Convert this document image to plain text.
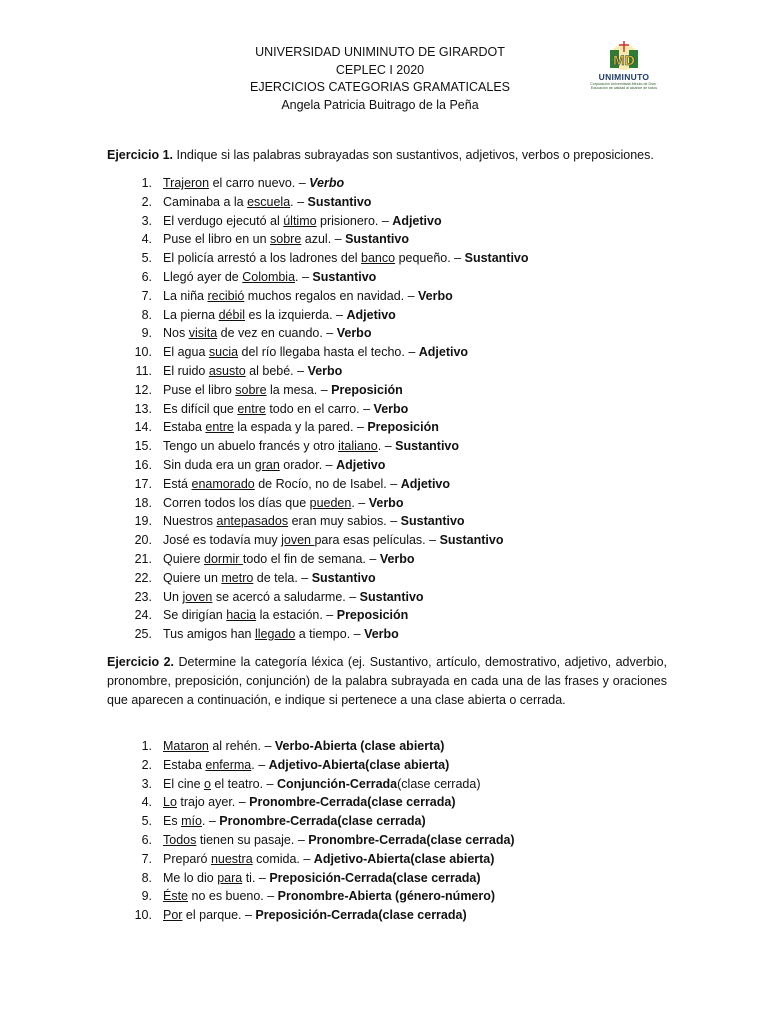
UNIVERSIDAD UNIMINUTO DE GIRARDOT
CEPLEC I 2020
EJERCICIOS CATEGORIAS GRAMATICALES
Angela Patricia Buitrago de la Peña
MD
UNIMINUTO
Corporación Universitaria Minuto de Dios · Educación de calidad al alcance de todos
Ejercicio 1. Indique si las palabras subrayadas son sustantivos, adjetivos, verbos o preposiciones.
1. Trajeron el carro nuevo. – Verbo
2. Caminaba a la escuela. – Sustantivo
3. El verdugo ejecutó al último prisionero. – Adjetivo
4. Puse el libro en un sobre azul. – Sustantivo
5. El policía arrestó a los ladrones del banco pequeño. – Sustantivo
6. Llegó ayer de Colombia. – Sustantivo
7. La niña recibió muchos regalos en navidad. – Verbo
8. La pierna débil es la izquierda. – Adjetivo
9. Nos visita de vez en cuando. – Verbo
10. El agua sucia del río llegaba hasta el techo. – Adjetivo
11. El ruido asusto al bebé. – Verbo
12. Puse el libro sobre la mesa. – Preposición
13. Es difícil que entre todo en el carro. – Verbo
14. Estaba entre la espada y la pared. – Preposición
15. Tengo un abuelo francés y otro italiano. – Sustantivo
16. Sin duda era un gran orador. – Adjetivo
17. Está enamorado de Rocío, no de Isabel. – Adjetivo
18. Corren todos los días que pueden. – Verbo
19. Nuestros antepasados eran muy sabios. – Sustantivo
20. José es todavía muy joven para esas películas. – Sustantivo
21. Quiere dormir todo el fin de semana. – Verbo
22. Quiere un metro de tela. – Sustantivo
23. Un joven se acercó a saludarme. – Sustantivo
24. Se dirigían hacia la estación. – Preposición
25. Tus amigos han llegado a tiempo. – Verbo
Ejercicio 2. Determine la categoría léxica (ej. Sustantivo, artículo, demostrativo, adjetivo, adverbio, pronombre, preposición, conjunción) de la palabra subrayada en cada una de las frases y oraciones que aparecen a continuación, e indique si pertenece a una clase abierta o cerrada.
1. Mataron al rehén. – Verbo-Abierta (clase abierta)
2. Estaba enferma. – Adjetivo-Abierta(clase abierta)
3. El cine o el teatro. – Conjunción-Cerrada(clase cerrada)
4. Lo trajo ayer. – Pronombre-Cerrada(clase cerrada)
5. Es mío. – Pronombre-Cerrada(clase cerrada)
6. Todos tienen su pasaje. – Pronombre-Cerrada(clase cerrada)
7. Preparó nuestra comida. – Adjetivo-Abierta(clase abierta)
8. Me lo dio para ti. – Preposición-Cerrada(clase cerrada)
9. Éste no es bueno. – Pronombre-Abierta (género-número)
10. Por el parque. – Preposición-Cerrada(clase cerrada)
